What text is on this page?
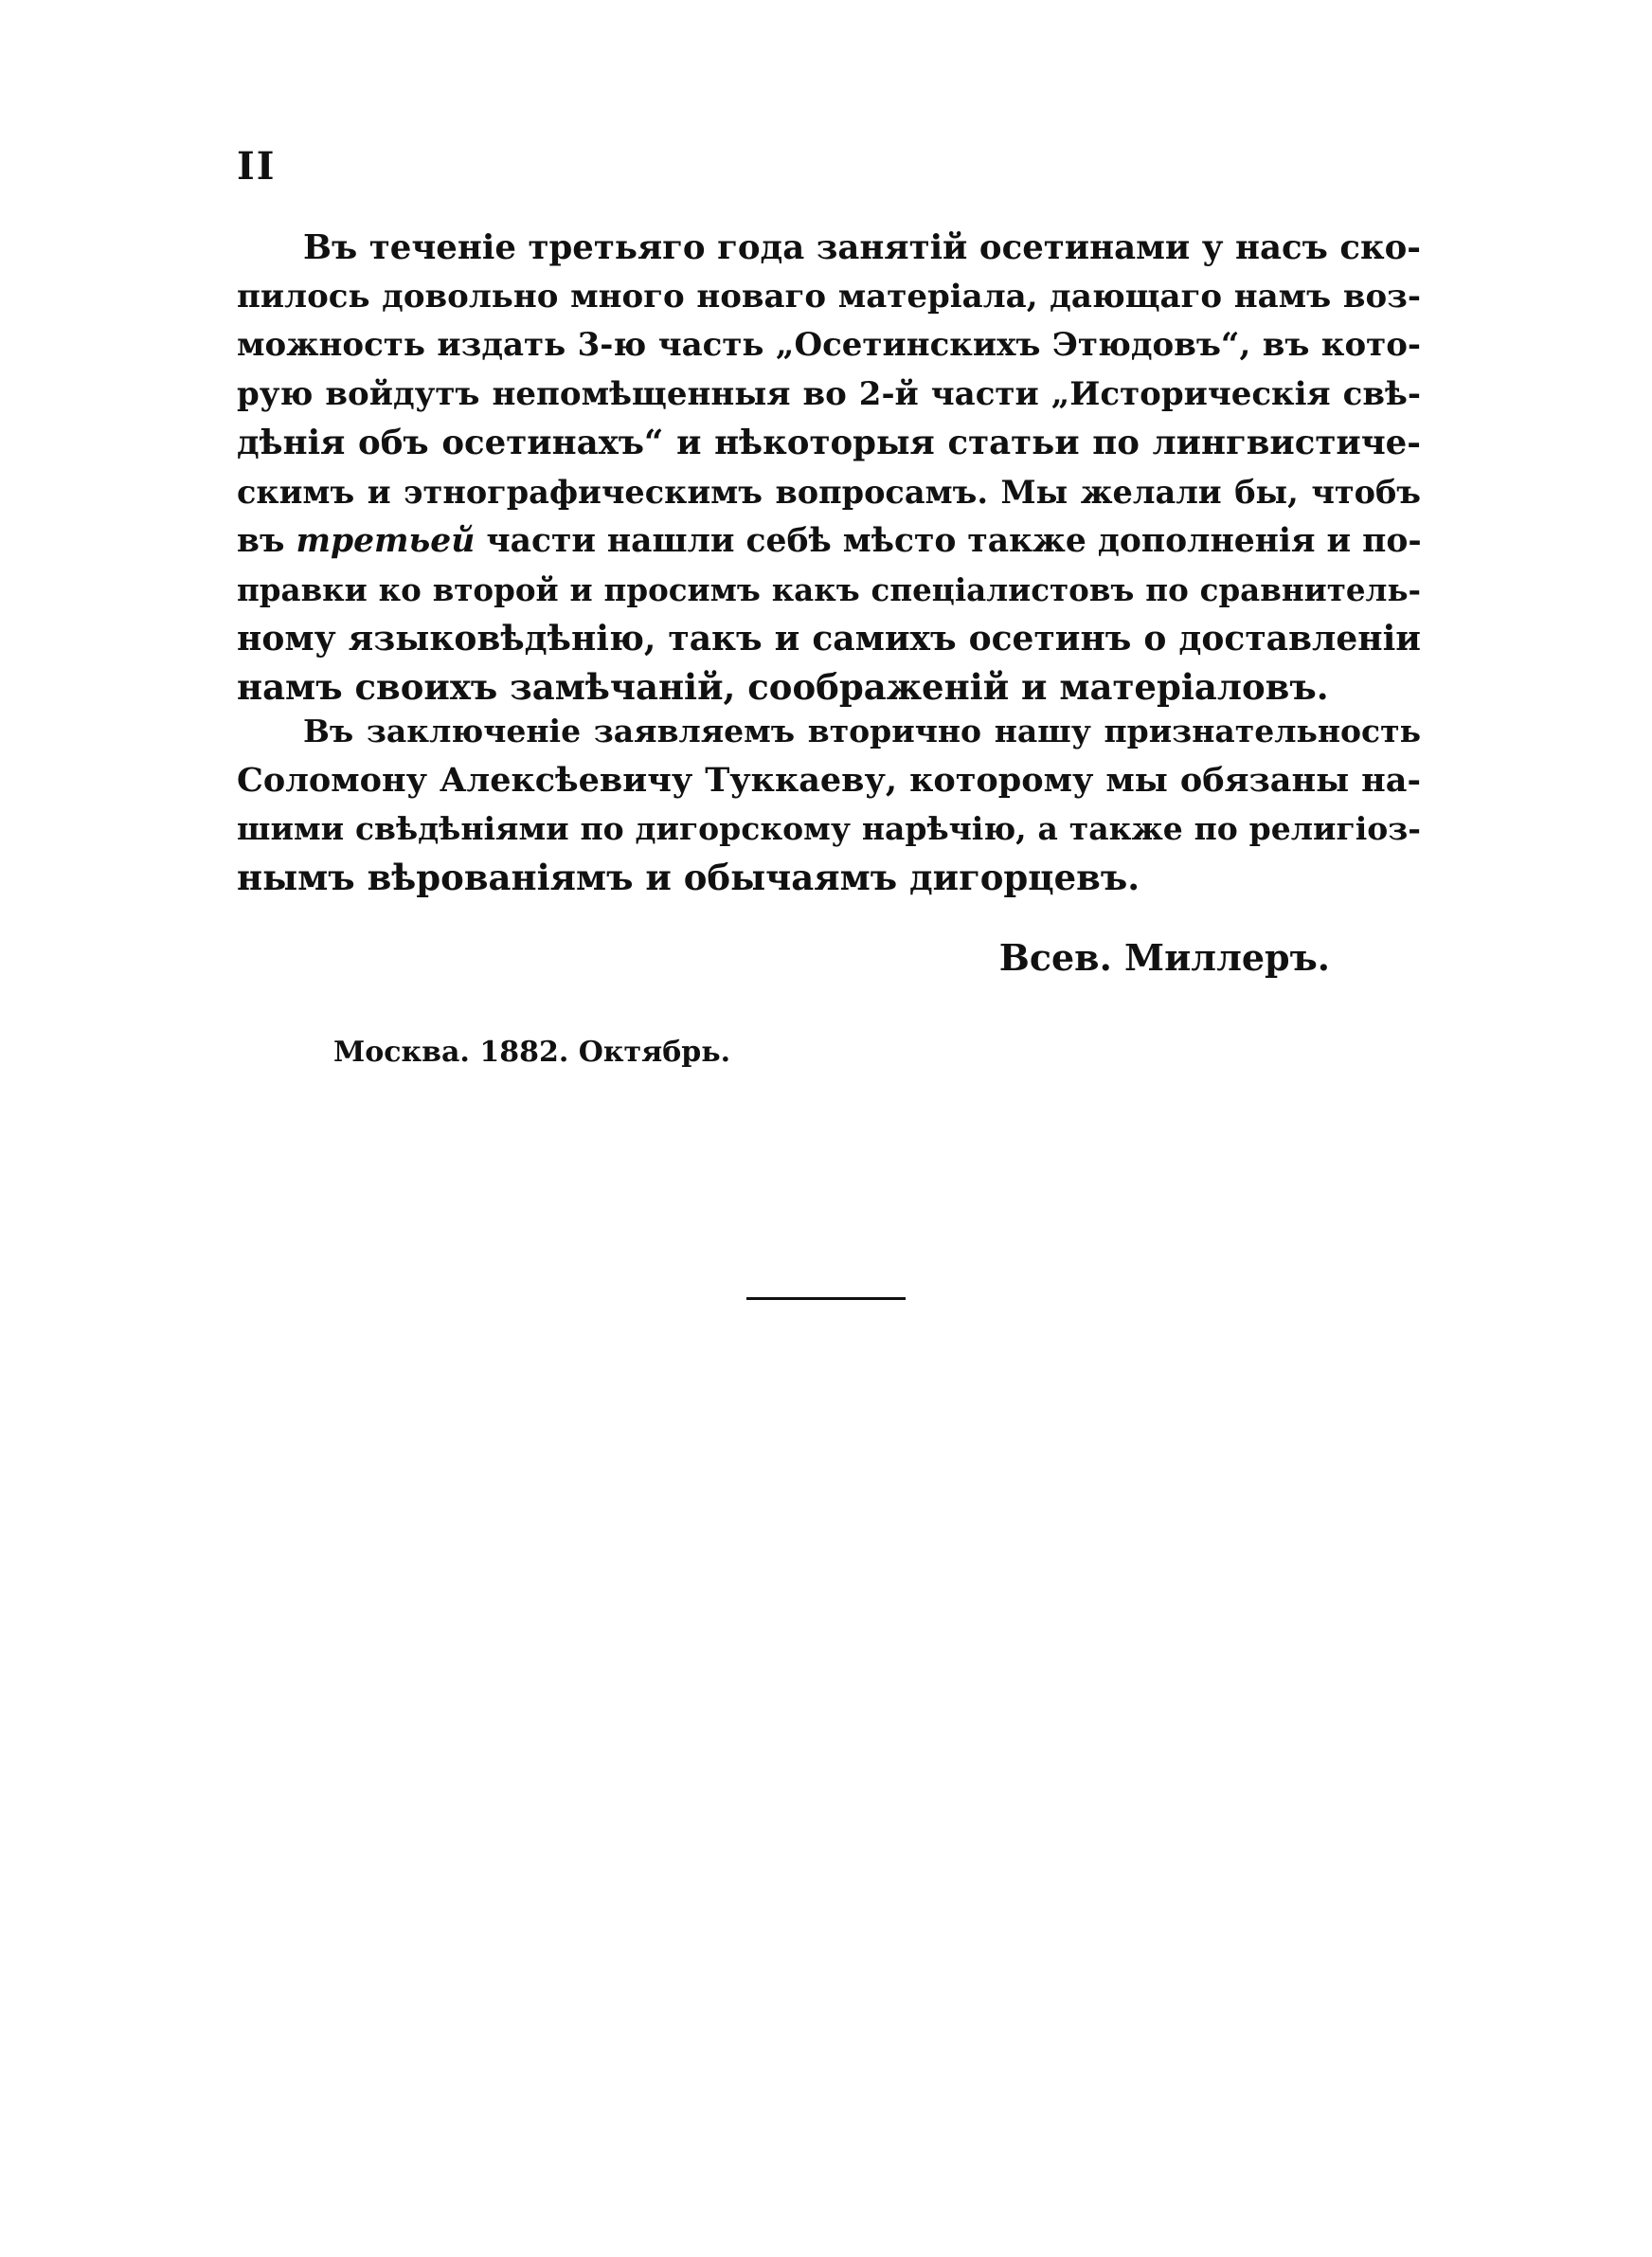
II

Въ теченіе третьяго года занятій осетинами у насъ ско-
пилось довольно много новаго матеріала, дающаго намъ воз-
можность издать 3-ю часть „Осетинскихъ Этюдовъ“, въ кото-
рую войдутъ непомѣщенныя во 2-й части „Историческія свѣ-
дѣнія объ осетинахъ“ и нѣкоторыя статьи по лингвистиче-
скимъ и этнографическимъ вопросамъ. Мы желали бы, чтобъ
въ третьей части нашли себѣ мѣсто также дополненія и по-
правки ко второй и просимъ какъ спеціалистовъ по сравнитель-
ному языковѣдѣнію, такъ и самихъ осетинъ о доставленіи
намъ своихъ замѣчаній, соображеній и матеріаловъ.

Въ заключеніе заявляемъ вторично нашу признательность
Соломону Алексѣевичу Туккаеву, которому мы обязаны на-
шими свѣдѣніями по дигорскому нарѣчію, а также по религіоз-
нымъ вѣрованіямъ и обычаямъ дигорцевъ.

Всев. Миллеръ.
Москва. 1882. Октябрь.
